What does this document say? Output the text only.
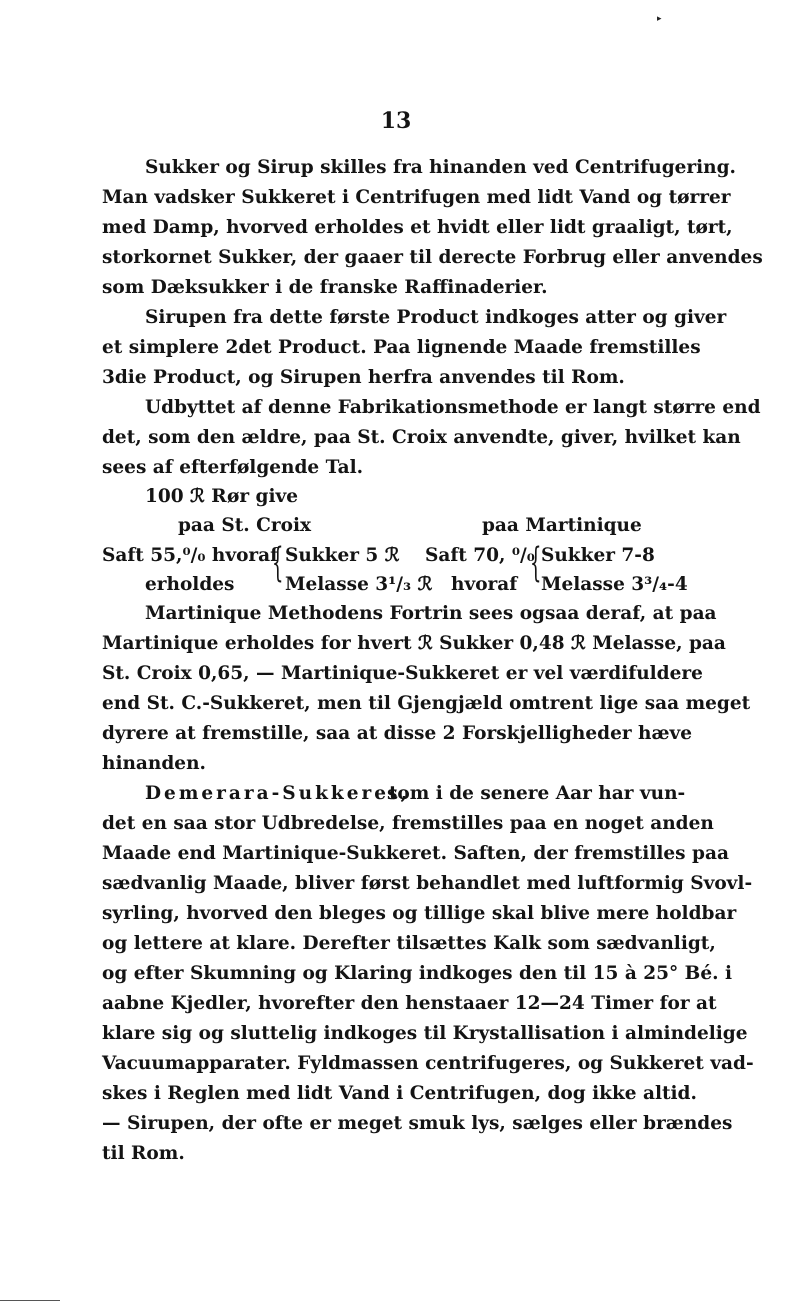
▸
13
Sukker og Sirup skilles fra hinanden ved Centrifugering.
Man vadsker Sukkeret i Centrifugen med lidt Vand og tørrer
med Damp, hvorved erholdes et hvidt eller lidt graaligt, tørt,
storkornet Sukker, der gaaer til derecte Forbrug eller anvendes
som Dæksukker i de franske Raffinaderier.
Sirupen fra dette første Product indkoges atter og giver
et simplere 2det Product. Paa lignende Maade fremstilles
3die Product, og Sirupen herfra anvendes til Rom.
Udbyttet af denne Fabrikationsmethode er langt større end
det, som den ældre, paa St. Croix anvendte, giver, hvilket kan
sees af efterfølgende Tal.
100 ℛ Rør give
paa St. Croix	paa Martinique
Saft 55,⁰/₀ hvoraf
{ Sukker 5 ℛ Saft 70, ⁰/₀
{ Sukker 7-8
erholdes	Melasse 3¹/₃ ℛ hvoraf Melasse 3³/₄-4
Martinique Methodens Fortrin sees ogsaa deraf, at paa
Martinique erholdes for hvert ℛ Sukker 0,48 ℛ Melasse, paa
St. Croix 0,65, — Martinique-Sukkeret er vel værdifuldere
end St. C.-Sukkeret, men til Gjengjæld omtrent lige saa meget
dyrere at fremstille, saa at disse 2 Forskjelligheder hæve
hinanden.
Demerara-Sukkeret,
som i de senere Aar har vun-
det en saa stor Udbredelse, fremstilles paa en noget anden
Maade end Martinique-Sukkeret. Saften, der fremstilles paa
sædvanlig Maade, bliver først behandlet med luftformig Svovl-
syrling, hvorved den bleges og tillige skal blive mere holdbar
og lettere at klare. Derefter tilsættes Kalk som sædvanligt,
og efter Skumning og Klaring indkoges den til 15 à 25° Bé. i
aabne Kjedler, hvorefter den henstaaer 12—24 Timer for at
klare sig og sluttelig indkoges til Krystallisation i almindelige
Vacuumapparater. Fyldmassen centrifugeres, og Sukkeret vad-
skes i Reglen med lidt Vand i Centrifugen, dog ikke altid.
— Sirupen, der ofte er meget smuk lys, sælges eller brændes
til Rom.
